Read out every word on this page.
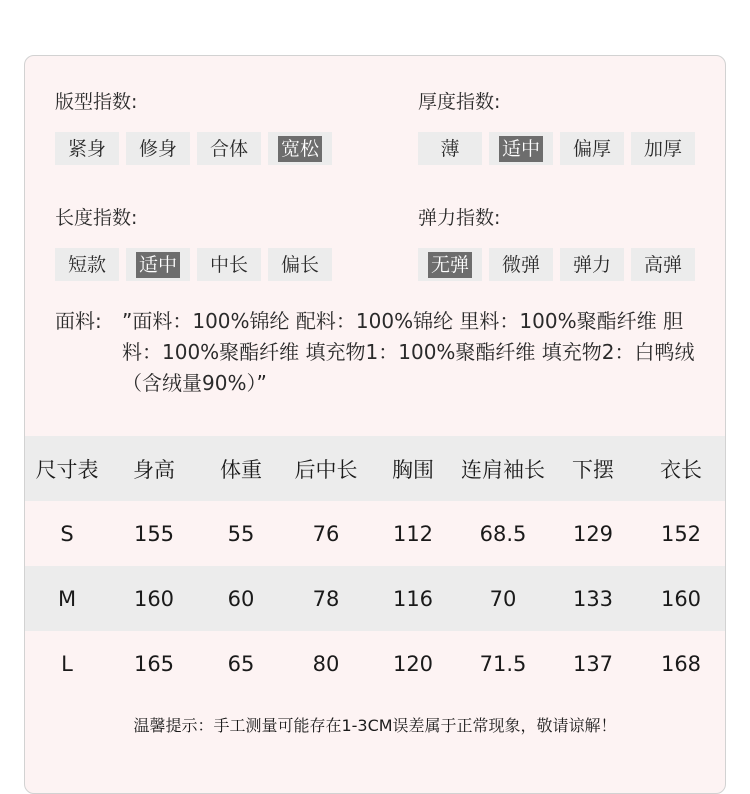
版型指数:
紧身 修身 合体 宽松
厚度指数:
薄 适中 偏厚 加厚
长度指数:
短款 适中 中长 偏长
弹力指数:
无弹 微弹 弹力 高弹
面料: ”面料：100%锦纶 配料：100%锦纶 里料：100%聚酯纤维 胆料：100%聚酯纤维 填充物1：100%聚酯纤维 填充物2：白鸭绒 （含绒量90%）”
尺寸表	身高	体重	后中长	胸围	连肩袖长	下摆	衣长
S	155	55	76	112	68.5	129	152
M	160	60	78	116	70	133	160
L	165	65	80	120	71.5	137	168
温馨提示：手工测量可能存在1-3CM误差属于正常现象，敬请谅解！
